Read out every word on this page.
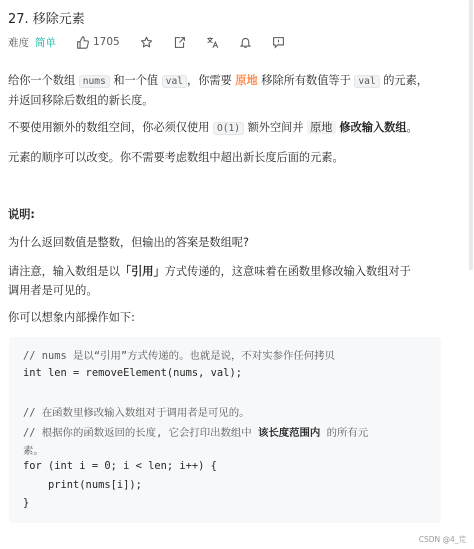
27. 移除元素
难度 简单	1705
给你一个数组 nums 和一个值 val ，你需要 原地 移除所有数值等于 val 的元素，
并返回移除后数组的新长度。
不要使用额外的数组空间，你必须仅使用 O(1) 额外空间并 原地 修改输入数组。
元素的顺序可以改变。你不需要考虑数组中超出新长度后面的元素。
说明:
为什么返回数值是整数，但输出的答案是数组呢?
请注意，输入数组是以「引用」方式传递的，这意味着在函数里修改输入数组对于
调用者是可见的。
你可以想象内部操作如下:
// nums 是以“引用”方式传递的。也就是说，不对实参作任何拷贝
int len = removeElement(nums, val);
// 在函数里修改输入数组对于调用者是可见的。
// 根据你的函数返回的长度, 它会打印出数组中 该长度范围内 的所有元
素。
for (int i = 0; i < len; i++) {
print(nums[i]);
}
CSDN @4_荒
